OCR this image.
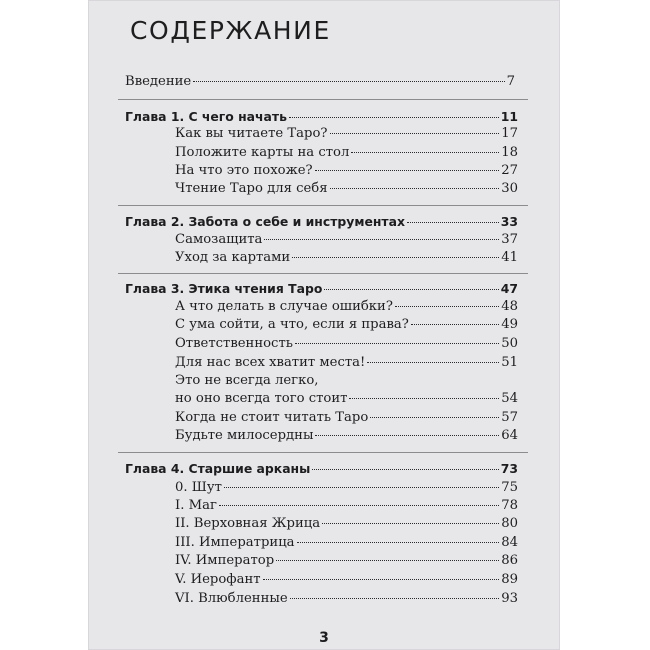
СОДЕРЖАНИЕ
Введение	7
Глава 1. С чего начать	11
Как вы читаете Таро?	17
Положите карты на стол	18
На что это похоже?	27
Чтение Таро для себя	30
Глава 2. Забота о себе и инструментах	33
Самозащита	37
Уход за картами	41
Глава 3. Этика чтения Таро	47
А что делать в случае ошибки?	48
С ума сойти, а что, если я права?	49
Ответственность	50
Для нас всех хватит места!	51
Это не всегда легко,
но оно всегда того стоит	54
Когда не стоит читать Таро	57
Будьте милосердны	64
Глава 4. Старшие арканы	73
0. Шут	75
I. Маг	78
II. Верховная Жрица	80
III. Императрица	84
IV. Император	86
V. Иерофант	89
VI. Влюбленные	93
3
